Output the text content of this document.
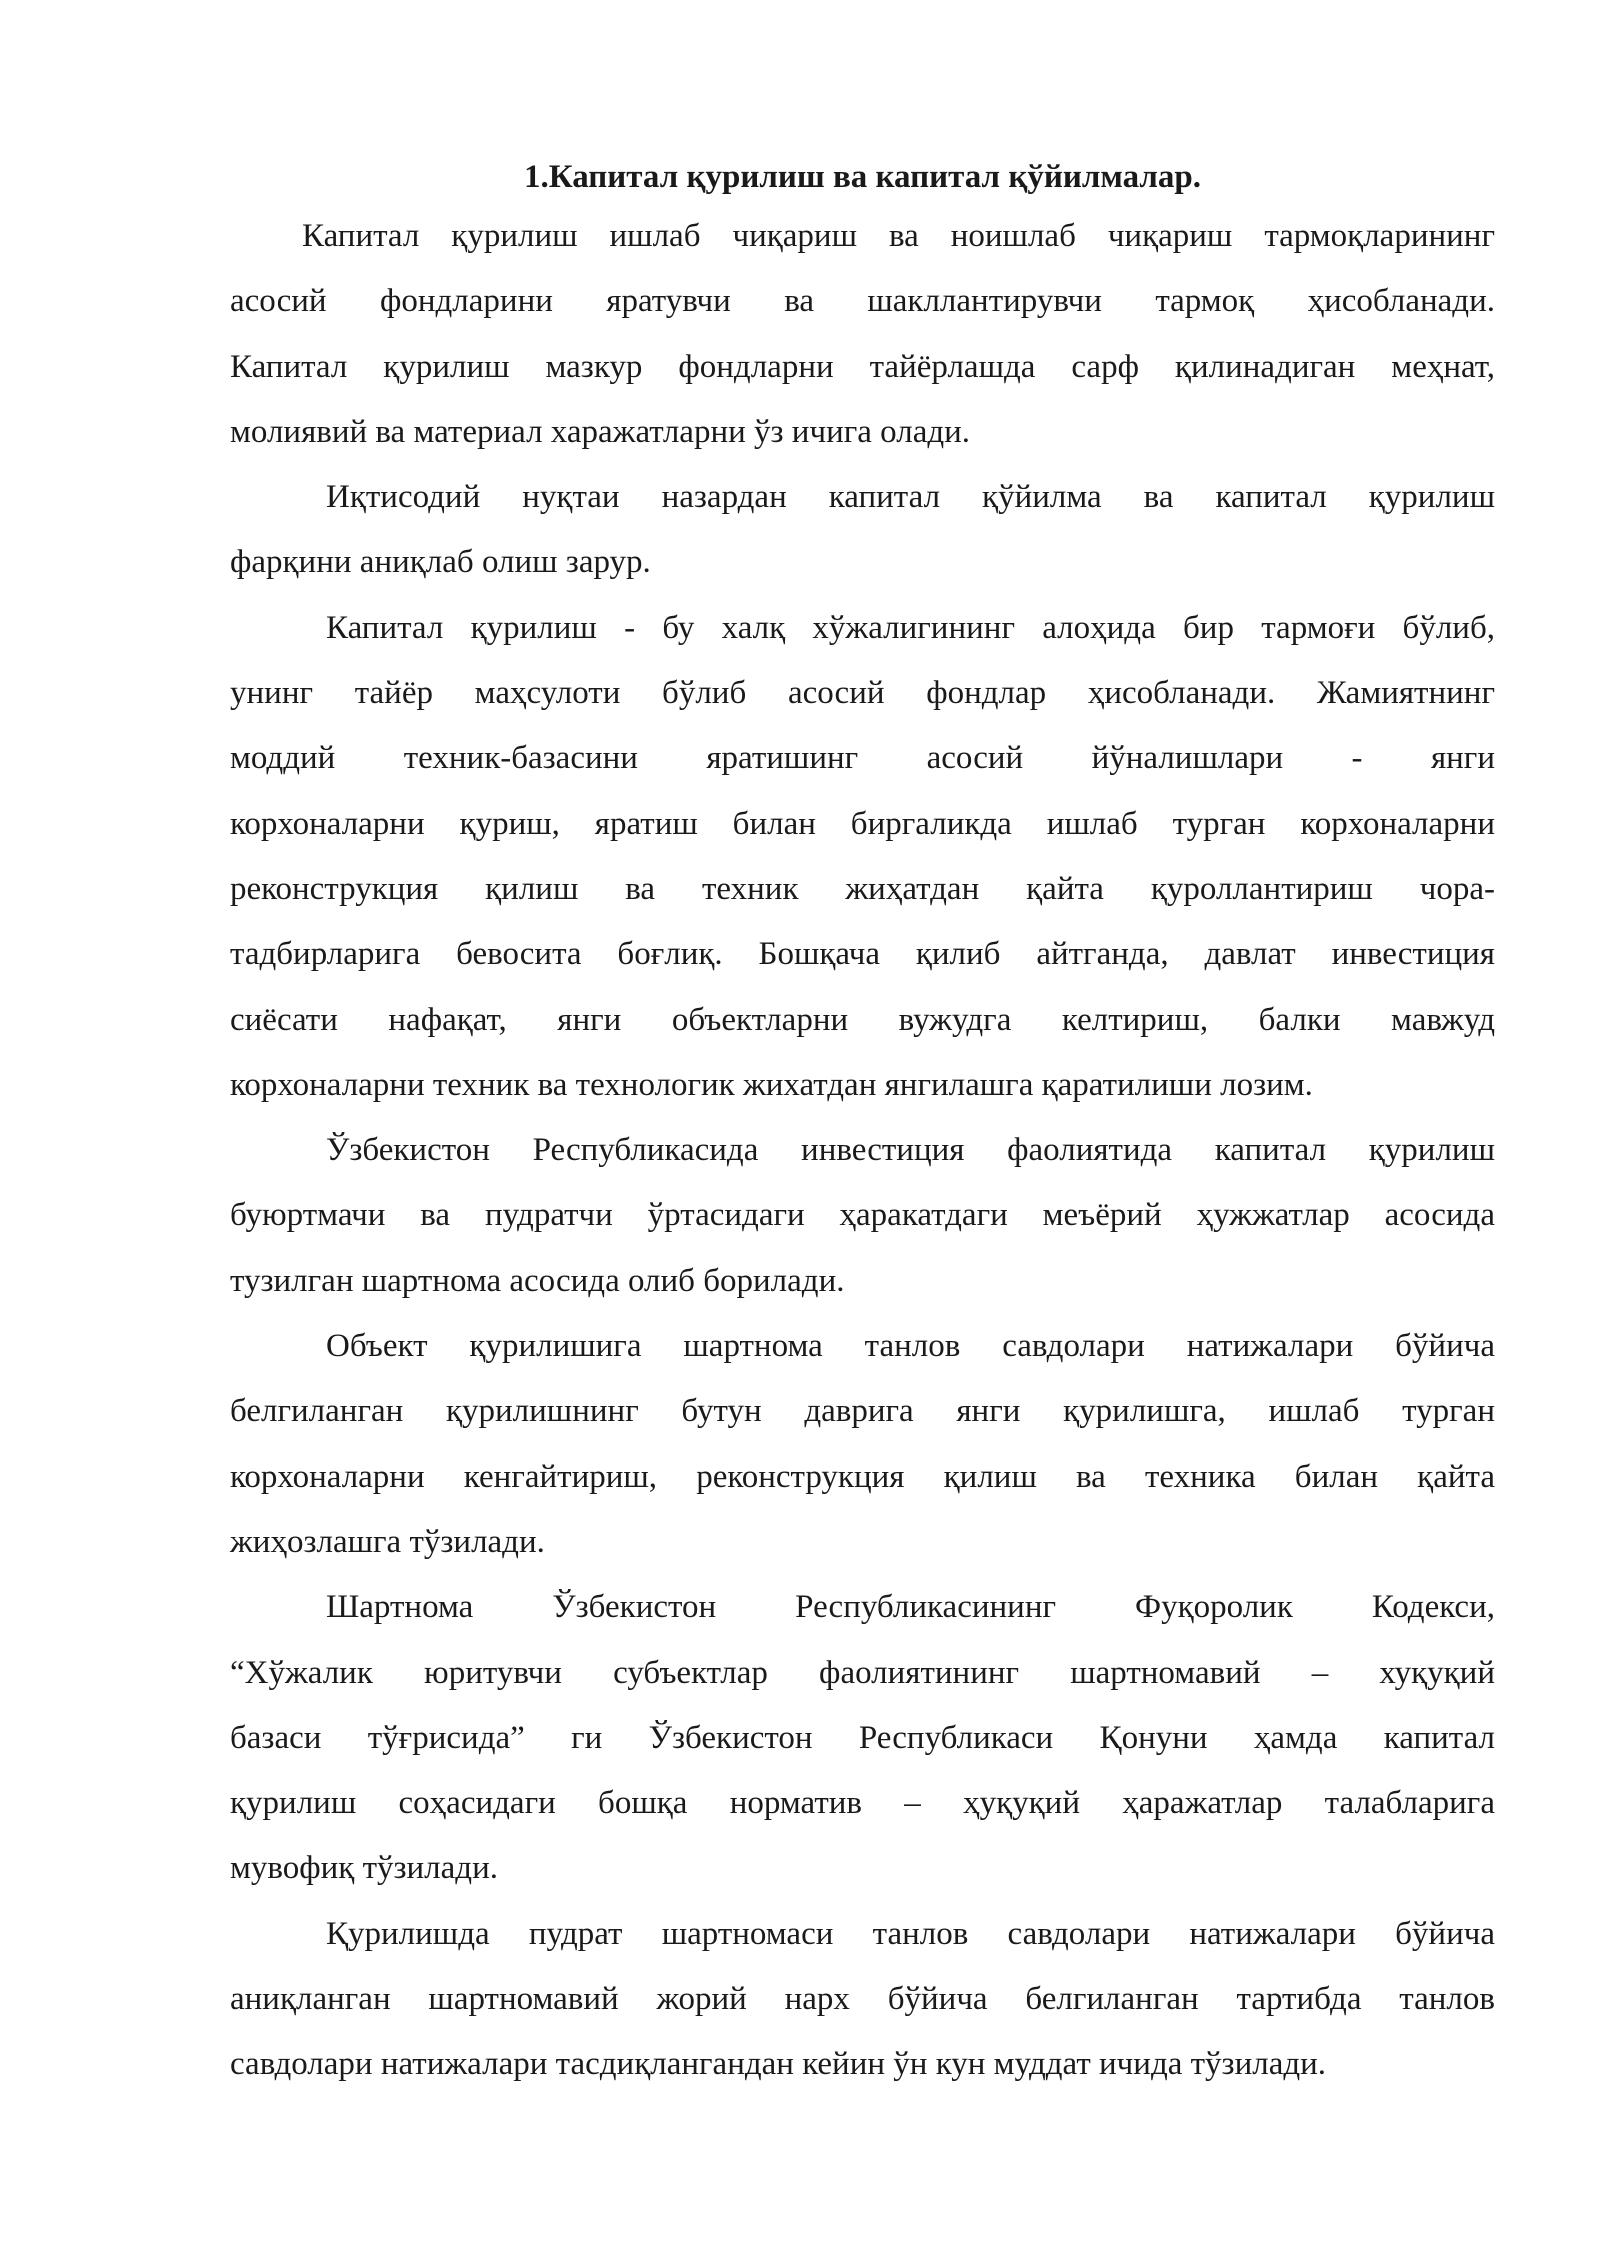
1.Капитал қурилиш ва капитал қўйилмалар.
Капитал қурилиш ишлаб чиқариш ва ноишлаб чиқариш тармоқларининг
асосий фондларини яратувчи ва шакллантирувчи тармоқ ҳисобланади.
Капитал қурилиш мазкур фондларни тайёрлашда сарф қилинадиган меҳнат,
молиявий ва материал харажатларни ўз ичига олади.
Иқтисодий нуқтаи назардан капитал қўйилма ва капитал қурилиш
фарқини аниқлаб олиш зарур.
Капитал қурилиш - бу халқ хўжалигининг алоҳида бир тармоғи бўлиб,
унинг тайёр маҳсулоти бўлиб асосий фондлар ҳисобланади. Жамиятнинг
моддий техник-базасини яратишинг асосий йўналишлари - янги
корхоналарни қуриш, яратиш билан биргаликда ишлаб турган корхоналарни
реконструкция қилиш ва техник жиҳатдан қайта қуроллантириш чора-
тадбирларига бевосита боғлиқ. Бошқача қилиб айтганда, давлат инвестиция
сиёсати нафақат, янги объектларни вужудга келтириш, балки мавжуд
корхоналарни техник ва технологик жихатдан янгилашга қаратилиши лозим.
Ўзбекистон Республикасида инвестиция фаолиятида капитал қурилиш
буюртмачи ва пудратчи ўртасидаги ҳаракатдаги меъёрий ҳужжатлар асосида
тузилган шартнома асосида олиб борилади.
Объект қурилишига шартнома танлов савдолари натижалари бўйича
белгиланган қурилишнинг бутун даврига янги қурилишга, ишлаб турган
корхоналарни кенгайтириш, реконструкция қилиш ва техника билан қайта
жиҳозлашга тўзилади.
Шартнома Ўзбекистон Республикасининг Фуқоролик Кодекси,
“Хўжалик юритувчи субъектлар фаолиятининг шартномавий – хуқуқий
базаси тўғрисида” ги Ўзбекистон Республикаси Қонуни ҳамда капитал
қурилиш соҳасидаги бошқа норматив – ҳуқуқий ҳаражатлар талабларига
мувофиқ тўзилади.
Қурилишда пудрат шартномаси танлов савдолари натижалари бўйича
аниқланган шартномавий жорий нарх бўйича белгиланган тартибда танлов
савдолари натижалари тасдиқлангандан кейин ўн кун муддат ичида тўзилади.
